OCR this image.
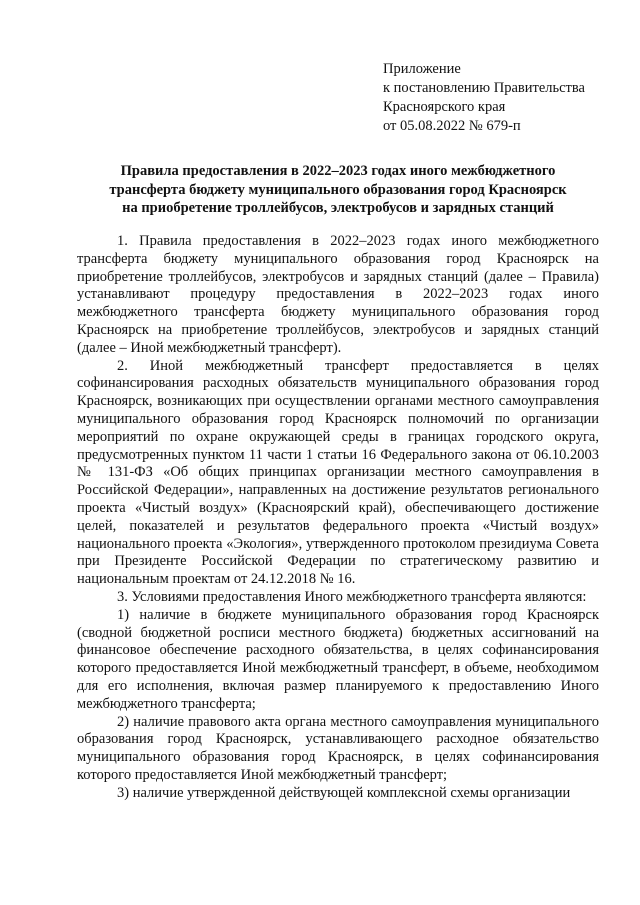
Приложение
к постановлению Правительства
Красноярского края
от 05.08.2022 № 679-п
Правила предоставления в 2022–2023 годах иного межбюджетного
трансферта бюджету муниципального образования город Красноярск
на приобретение троллейбусов, электробусов и зарядных станций

1. Правила предоставления в 2022–2023 годах иного межбюджетного трансферта бюджету муниципального образования город Красноярск на приобретение троллейбусов, электробусов и зарядных станций (далее – Правила) устанавливают процедуру предоставления в 2022–2023 годах иного межбюджетного трансферта бюджету муниципального образования город Красноярск на приобретение троллейбусов, электробусов и зарядных станций (далее – Иной межбюджетный трансферт).

2. Иной межбюджетный трансферт предоставляется в целях софинансирования расходных обязательств муниципального образования город Красноярск, возникающих при осуществлении органами местного самоуправления муниципального образования город Красноярск полномочий по организации мероприятий по охране окружающей среды в границах городского округа, предусмотренных пунктом 11 части 1 статьи 16 Федерального закона от 06.10.2003 № 131-ФЗ «Об общих принципах организации местного самоуправления в Российской Федерации», направленных на достижение результатов регионального проекта «Чистый воздух» (Красноярский край), обеспечивающего достижение целей, показателей и результатов федерального проекта «Чистый воздух» национального проекта «Экология», утвержденного протоколом президиума Совета при Президенте Российской Федерации по стратегическому развитию и национальным проектам от 24.12.2018 № 16.

3. Условиями предоставления Иного межбюджетного трансферта являются:

1) наличие в бюджете муниципального образования город Красноярск (сводной бюджетной росписи местного бюджета) бюджетных ассигнований на финансовое обеспечение расходного обязательства, в целях софинансирования которого предоставляется Иной межбюджетный трансферт, в объеме, необходимом для его исполнения, включая размер планируемого к предоставлению Иного межбюджетного трансферта;

2) наличие правового акта органа местного самоуправления муниципального образования город Красноярск, устанавливающего расходное обязательство муниципального образования город Красноярск, в целях софинансирования которого предоставляется Иной межбюджетный трансферт;

3) наличие утвержденной действующей комплексной схемы организации
